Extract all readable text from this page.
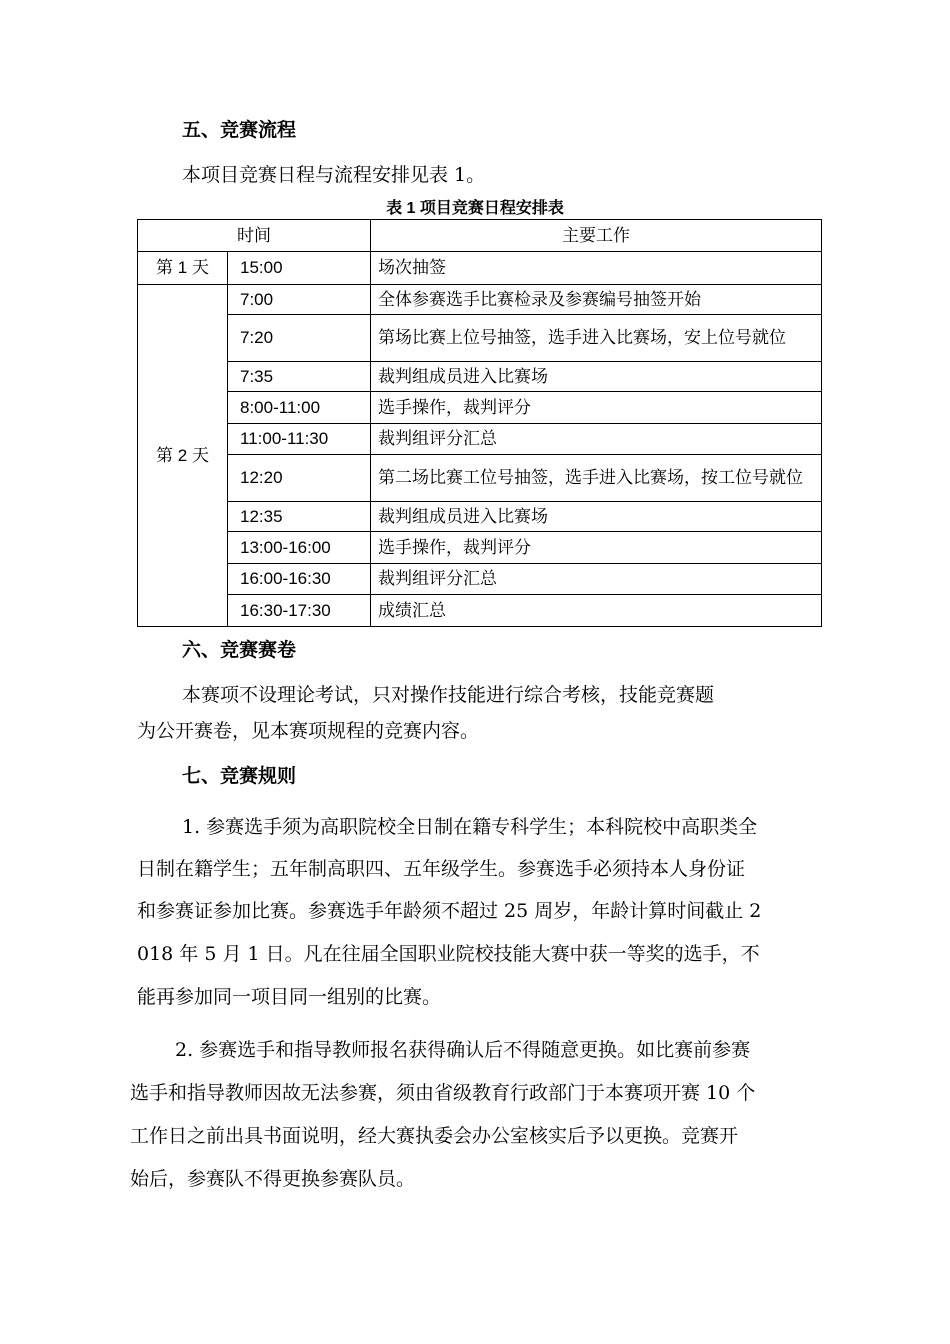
五、竞赛流程
本项目竞赛日程与流程安排见表 1。
表 1 项目竞赛日程安排表
时间		主要工作
第 1 天	15:00	场次抽签
第 2 天	7:00	全体参赛选手比赛检录及参赛编号抽签开始
	7:20	第场比赛上位号抽签，选手进入比赛场，安上位号就位
	7:35	裁判组成员进入比赛场
	8:00-11:00	选手操作，裁判评分
	11:00-11:30	裁判组评分汇总
	12:20	第二场比赛工位号抽签，选手进入比赛场，按工位号就位
	12:35	裁判组成员进入比赛场
	13:00-16:00	选手操作，裁判评分
	16:00-16:30	裁判组评分汇总
	16:30-17:30	成绩汇总
六、竞赛赛卷
本赛项不设理论考试，只对操作技能进行综合考核，技能竞赛题
为公开赛卷，见本赛项规程的竞赛内容。
七、竞赛规则
1. 参赛选手须为高职院校全日制在籍专科学生；本科院校中高职类全
日制在籍学生；五年制高职四、五年级学生。参赛选手必须持本人身份证
和参赛证参加比赛。参赛选手年龄须不超过 25 周岁，年龄计算时间截止 2
018 年 5 月 1 日。凡在往届全国职业院校技能大赛中获一等奖的选手，不
能再参加同一项目同一组别的比赛。
2. 参赛选手和指导教师报名获得确认后不得随意更换。如比赛前参赛
选手和指导教师因故无法参赛，须由省级教育行政部门于本赛项开赛 10 个
工作日之前出具书面说明，经大赛执委会办公室核实后予以更换。竞赛开
始后，参赛队不得更换参赛队员。
